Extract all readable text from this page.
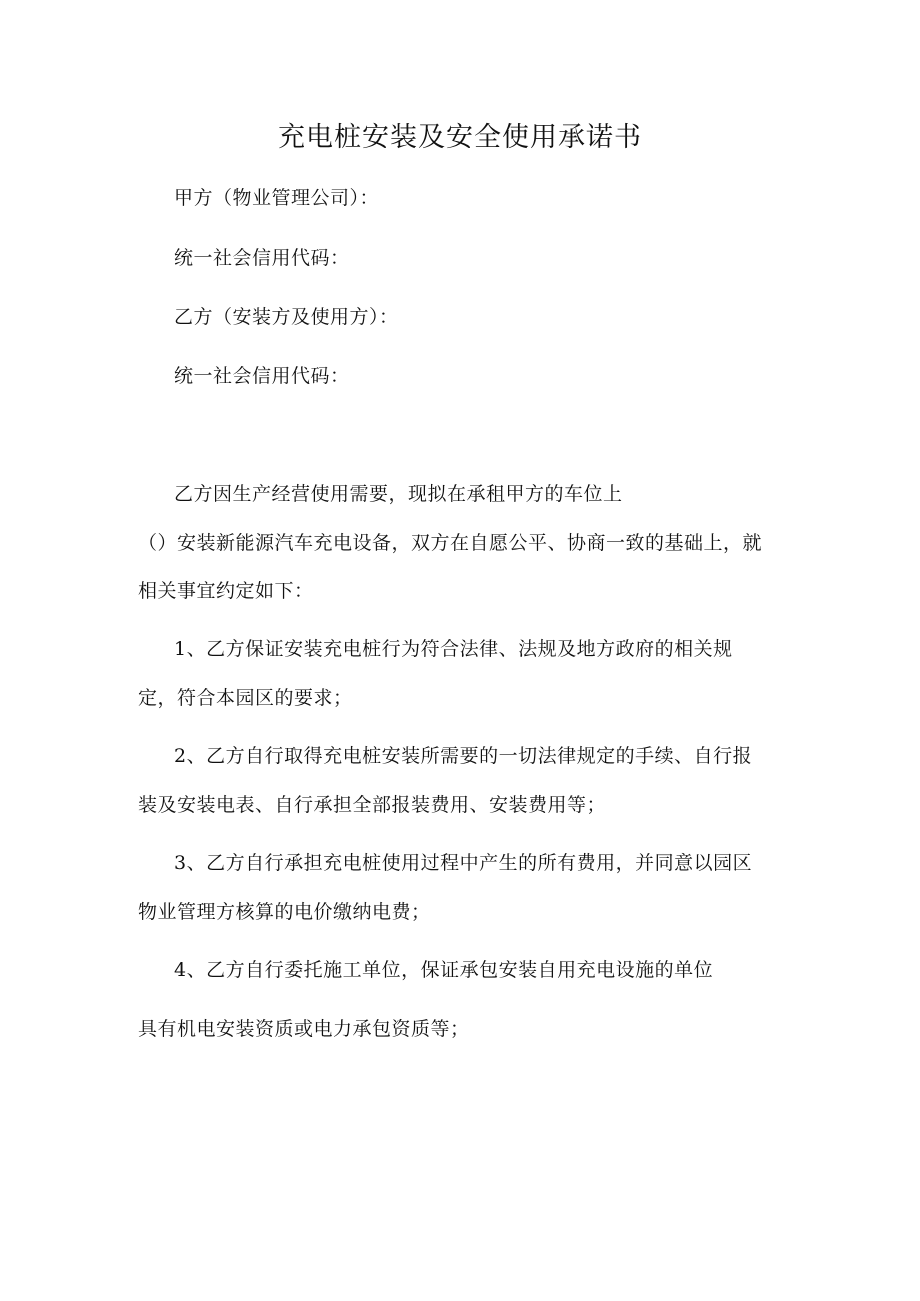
充电桩安装及安全使用承诺书
甲方（物业管理公司）：
统一社会信用代码：
乙方（安装方及使用方）：
统一社会信用代码：
乙方因生产经营使用需要，现拟在承租甲方的车位上
（）安装新能源汽车充电设备，双方在自愿公平、协商一致的基础上，就
相关事宜约定如下：
1、乙方保证安装充电桩行为符合法律、法规及地方政府的相关规
定，符合本园区的要求；
2、乙方自行取得充电桩安装所需要的一切法律规定的手续、自行报
装及安装电表、自行承担全部报装费用、安装费用等；
3、乙方自行承担充电桩使用过程中产生的所有费用，并同意以园区
物业管理方核算的电价缴纳电费；
4、乙方自行委托施工单位，保证承包安装自用充电设施的单位
具有机电安装资质或电力承包资质等；
